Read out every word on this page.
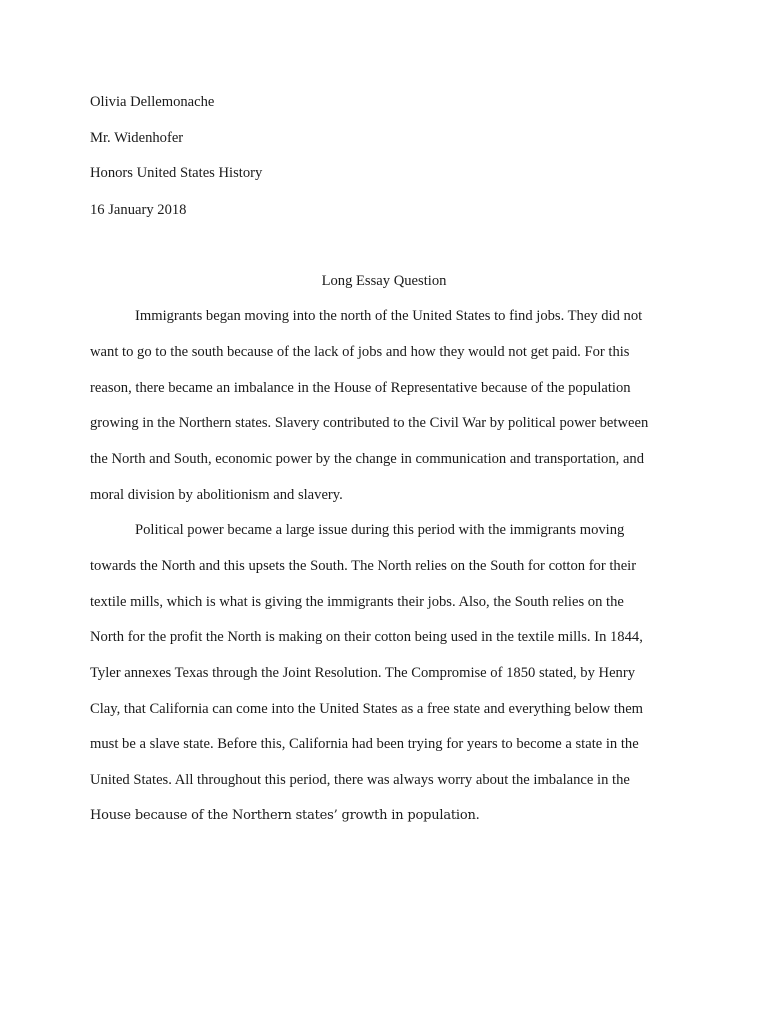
Olivia Dellemonache
Mr. Widenhofer
Honors United States History
16 January 2018
Long Essay Question
Immigrants began moving into the north of the United States to find jobs. They did not
want to go to the south because of the lack of jobs and how they would not get paid. For this
reason, there became an imbalance in the House of Representative because of the population
growing in the Northern states. Slavery contributed to the Civil War by political power between
the North and South, economic power by the change in communication and transportation, and
moral division by abolitionism and slavery.
Political power became a large issue during this period with the immigrants moving
towards the North and this upsets the South. The North relies on the South for cotton for their
textile mills, which is what is giving the immigrants their jobs. Also, the South relies on the
North for the profit the North is making on their cotton being used in the textile mills. In 1844,
Tyler annexes Texas through the Joint Resolution. The Compromise of 1850 stated, by Henry
Clay, that California can come into the United States as a free state and everything below them
must be a slave state. Before this, California had been trying for years to become a state in the
United States. All throughout this period, there was always worry about the imbalance in the
House because of the Northern states’ growth in population.
